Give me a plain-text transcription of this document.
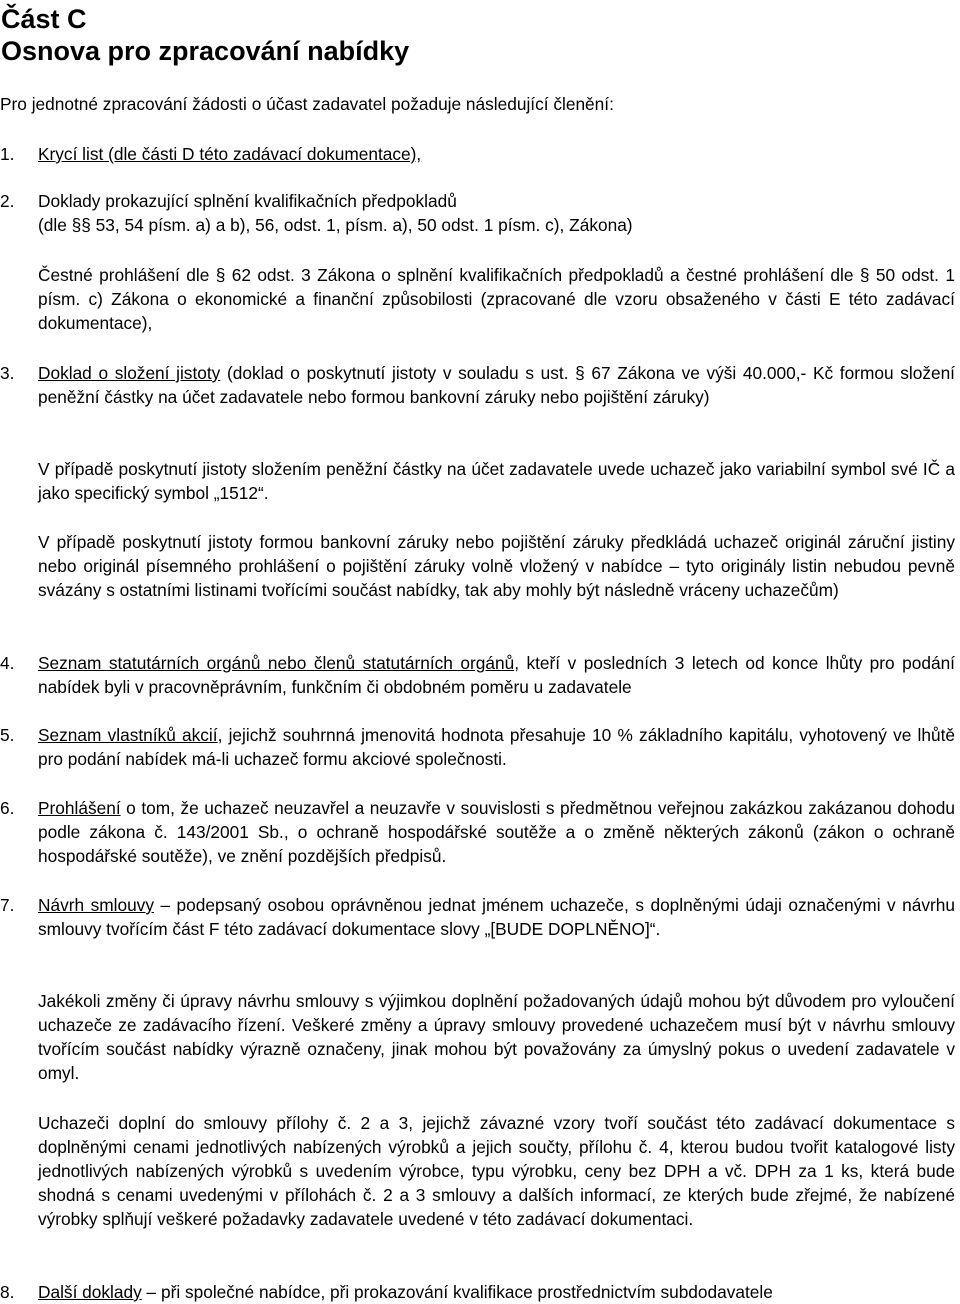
Část C
Osnova pro zpracování nabídky
Pro jednotné zpracování žádosti o účast zadavatel požaduje následující členění:
1. Krycí list (dle části D této zadávací dokumentace),
2. Doklady prokazující splnění kvalifikačních předpokladů
(dle §§ 53, 54 písm. a) a b), 56, odst. 1, písm. a), 50 odst. 1 písm. c), Zákona)
Čestné prohlášení dle § 62 odst. 3 Zákona o splnění kvalifikačních předpokladů a čestné prohlášení dle § 50 odst. 1 písm. c) Zákona o ekonomické a finanční způsobilosti (zpracované dle vzoru obsaženého v části E této zadávací dokumentace),
3. Doklad o složení jistoty (doklad o poskytnutí jistoty v souladu s ust. § 67 Zákona ve výši 40.000,- Kč formou složení peněžní částky na účet zadavatele nebo formou bankovní záruky nebo pojištění záruky)
V případě poskytnutí jistoty složením peněžní částky na účet zadavatele uvede uchazeč jako variabilní symbol své IČ a jako specifický symbol „1512“.
V případě poskytnutí jistoty formou bankovní záruky nebo pojištění záruky předkládá uchazeč originál záruční jistiny nebo originál písemného prohlášení o pojištění záruky volně vložený v nabídce – tyto originály listin nebudou pevně svázány s ostatními listinami tvořícími součást nabídky, tak aby mohly být následně vráceny uchazečům)
4. Seznam statutárních orgánů nebo členů statutárních orgánů, kteří v posledních 3 letech od konce lhůty pro podání nabídek byli v pracovněprávním, funkčním či obdobném poměru u zadavatele
5. Seznam vlastníků akcií, jejichž souhrnná jmenovitá hodnota přesahuje 10 % základního kapitálu, vyhotovený ve lhůtě pro podání nabídek má-li uchazeč formu akciové společnosti.
6. Prohlášení o tom, že uchazeč neuzavřel a neuzavře v souvislosti s předmětnou veřejnou zakázkou zakázanou dohodu podle zákona č. 143/2001 Sb., o ochraně hospodářské soutěže a o změně některých zákonů (zákon o ochraně hospodářské soutěže), ve znění pozdějších předpisů.
7. Návrh smlouvy – podepsaný osobou oprávněnou jednat jménem uchazeče, s doplněnými údaji označenými v návrhu smlouvy tvořícím část F této zadávací dokumentace slovy „[BUDE DOPLNĚNO]“.
Jakékoli změny či úpravy návrhu smlouvy s výjimkou doplnění požadovaných údajů mohou být důvodem pro vyloučení uchazeče ze zadávacího řízení. Veškeré změny a úpravy smlouvy provedené uchazečem musí být v návrhu smlouvy tvořícím součást nabídky výrazně označeny, jinak mohou být považovány za úmyslný pokus o uvedení zadavatele v omyl.
Uchazeči doplní do smlouvy přílohy č. 2 a 3, jejichž závazné vzory tvoří součást této zadávací dokumentace s doplněnými cenami jednotlivých nabízených výrobků a jejich součty, přílohu č. 4, kterou budou tvořit katalogové listy jednotlivých nabízených výrobků s uvedením výrobce, typu výrobku, ceny bez DPH a vč. DPH za 1 ks, která bude shodná s cenami uvedenými v přílohách č. 2 a 3 smlouvy a dalších informací, ze kterých bude zřejmé, že nabízené výrobky splňují veškeré požadavky zadavatele uvedené v této zadávací dokumentaci.
8. Další doklady – při společné nabídce, při prokazování kvalifikace prostřednictvím subdodavatele
